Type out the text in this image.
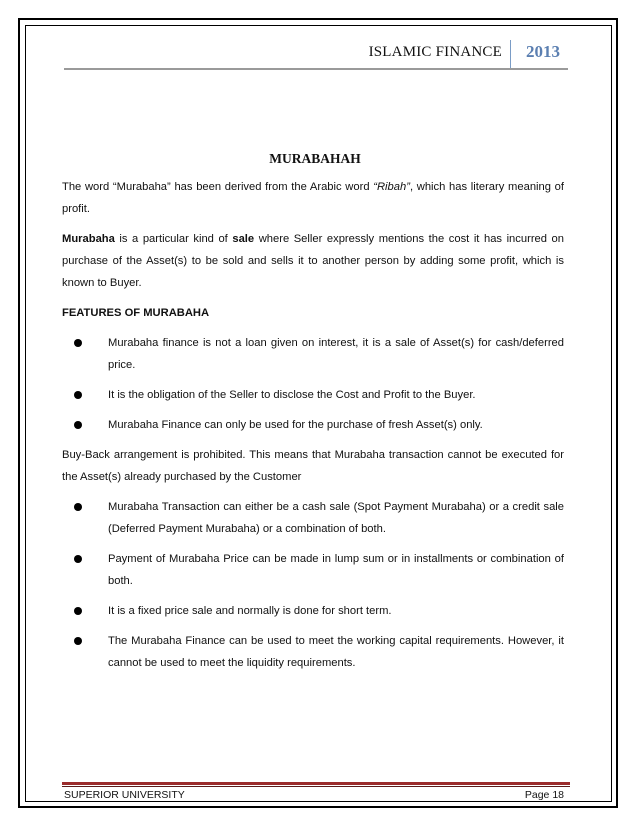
ISLAMIC FINANCE 2013
MURABAHAH

The word “Murabaha” has been derived from the Arabic word “Ribah”, which has literary meaning of profit.

Murabaha is a particular kind of sale where Seller expressly mentions the cost it has incurred on purchase of the Asset(s) to be sold and sells it to another person by adding some profit, which is known to Buyer.

FEATURES OF MURABAHA
Murabaha finance is not a loan given on interest, it is a sale of Asset(s) for cash/deferred price.
It is the obligation of the Seller to disclose the Cost and Profit to the Buyer.
Murabaha Finance can only be used for the purchase of fresh Asset(s) only.

Buy-Back arrangement is prohibited. This means that Murabaha transaction cannot be executed for the Asset(s) already purchased by the Customer

Murabaha Transaction can either be a cash sale (Spot Payment Murabaha) or a credit sale (Deferred Payment Murabaha) or a combination of both.
Payment of Murabaha Price can be made in lump sum or in installments or combination of both.
It is a fixed price sale and normally is done for short term.
The Murabaha Finance can be used to meet the working capital requirements. However, it cannot be used to meet the liquidity requirements.
SUPERIOR UNIVERSITY	Page 18
